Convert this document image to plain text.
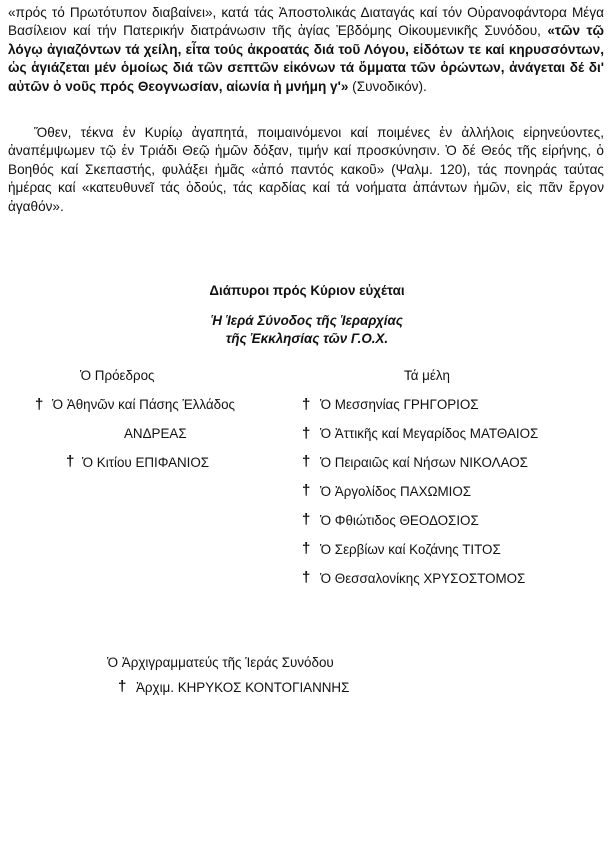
«πρός τό Πρωτότυπον διαβαίνει», κατά τάς Ἀποστολικάς Διαταγάς καί τόν Οὐρανοφάντορα Μέγα Βασίλειον καί τήν Πατερικήν διατράνωσιν τῆς ἁγίας Ἑβδόμης Οἰκουμενικῆς Συνόδου, «τῶν τῷ λόγῳ ἀγιαζόντων τά χείλη, εἶτα τούς ἀκροατάς διά τοῦ Λόγου, εἰδότων τε καί κηρυσσόντων, ὡς ἁγιάζεται μέν ὁμοίως διά τῶν σεπτῶν εἰκόνων τά ὄμματα τῶν ὁρώντων, ἀνάγεται δέ δι' αὐτῶν ὁ νοῦς πρός Θεογνωσίαν, αἰωνία ἡ μνήμη γ'» (Συνοδικόν).

Ὅθεν, τέκνα ἐν Κυρίῳ ἀγαπητά, ποιμαινόμενοι καί ποιμένες ἐν ἀλλήλοις εἰρηνεύοντες, ἀναπέμψωμεν τῷ ἐν Τριάδι Θεῷ ἡμῶν δόξαν, τιμήν καί προσκύνησιν. Ὁ δέ Θεός τῆς εἰρήνης, ὁ Βοηθός καί Σκεπαστής, φυλάξει ἡμᾶς «ἀπό παντός κακοῦ» (Ψαλμ. 120), τάς πονηράς ταύτας ἡμέρας καί «κατευθυνεῖ τάς ὁδούς, τάς καρδίας καί τά νοήματα ἁπάντων ἡμῶν, εἰς πᾶν ἔργον ἀγαθόν».

Διάπυροι πρός Κύριον εὐχέται
Ἡ Ἱερά Σύνοδος τῆς Ἱεραρχίας
τῆς Ἐκκλησίας τῶν Γ.Ο.Χ.
Ὁ Πρόεδρος
† Ὁ Ἀθηνῶν καί Πάσης Ἑλλάδος
ΑΝΔΡΕΑΣ
† Ὁ Κιτίου ΕΠΙΦΑΝΙΟΣ
Τά μέλη
† Ὁ Μεσσηνίας ΓΡΗΓΟΡΙΟΣ
† Ὁ Ἀττικῆς καί Μεγαρίδος ΜΑΤΘΑΙΟΣ
† Ὁ Πειραιῶς καί Νήσων ΝΙΚΟΛΑΟΣ
† Ὁ Ἀργολίδος ΠΑΧΩΜΙΟΣ
† Ὁ Φθιώτιδος ΘΕΟΔΟΣΙΟΣ
† Ὁ Σερβίων καί Κοζάνης ΤΙΤΟΣ
† Ὁ Θεσσαλονίκης ΧΡΥΣΟΣΤΟΜΟΣ
Ὁ Ἀρχιγραμματεύς τῆς Ἱεράς Συνόδου
† Ἀρχιμ. ΚΗΡΥΚΟΣ ΚΟΝΤΟΓΙΑΝΝΗΣ
